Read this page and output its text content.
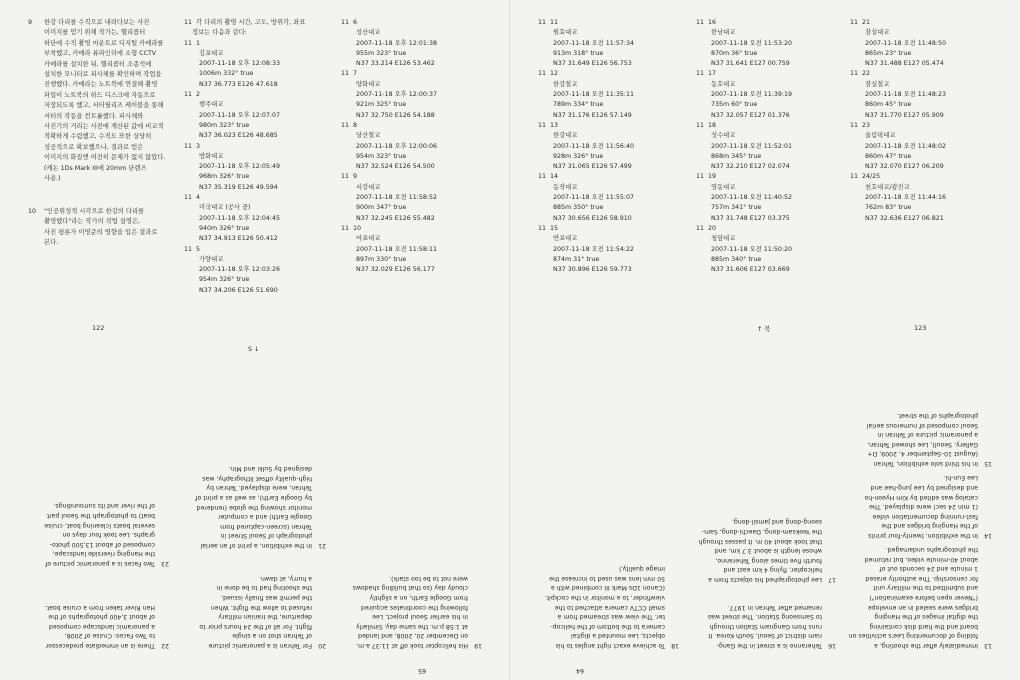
9 한강 다리를 수직으로 내려다보는 사진
이미지를 얻기 위해 작가는, 헬리콥터
하단에 수직 촬영 마운트로 디지털 카메라를
부착했고, 카메라 뷰파인더에 소형 CCTV
카메라를 설치한 뒤, 헬리콥터 조종석에
설치한 모니터로 피사체를 확인하며 작업을
진행했다. 카메라는 노트북에 연결해 촬영
파일이 노트북의 하드 디스크에 자동으로
저장되도록 했고, 서터릴리즈 케이블을 통해
셔터의 작동을 컨트롤했다. 피사체와
사진기의 거리는 사전에 계산된 값에 비교적
적확하게 수렴했고, 수직도 또한 상당히
성공적으로 확보했으나, 결과로 얻은
이미지의 화질엔 여전히 문제가 없지 않았다.
(캐논 1Ds Mark III에 20mm 단렌즈
사용.)
10 "인공위성적 시각으로 한강의 다리를
촬영했다"라는 작가의 작업 설명은,
사진 평론가 이영준의 영향을 입은 결과로
본다.
11  각 다리의 촬영 시간, 고도, 방위각, 좌표
정보는 다음과 같다:
11  1
김포대교
2007-11-18 오후 12:08:33
1006m 332° true
N37 36.773 E126 47.618
11  2
행주대교
2007-11-18 오후 12:07:07
980m 323° true
N37 36.023 E126 48.685
11  3
방화대교
2007-11-18 오후 12:05:49
968m 326° true
N37 35.319 E126 49.594
11  4
미국대교 (공사 중)
2007-11-18 오후 12:04:45
940m 326° true
N37 34.913 E126 50.412
11  5
가양대교
2007-11-18 오후 12:03:26
954m 326° true
N37 34.206 E126 51.690
11  6
성산대교
2007-11-18 오후 12:01:38
955m 323° true
N37 33.214 E126 53.462
11  7
양화대교
2007-11-18 오후 12:00:37
921m 325° true
N37 32.750 E126 54.188
11  8
당산철교
2007-11-18 오후 12:00:06
954m 323° true
N37 32.524 E126 54.500
11  9
서강대교
2007-11-18 오전 11:58:52
900m 347° true
N37 32.245 E126 55.482
11  10
마포대교
2007-11-18 오전 11:58:11
897m 330° true
N37 32.029 E126 56.177
122
S ↓
65
19
His helicopter took off at 11:37 a.m.
on December 20, 2008, and landed
at 1:58 p.m. the same day. Similarly
in his earlier Seoul project, Lee
following the coordinates acquired
from Google Earth, on a slightly
cloudy day (so that building shadows
were not to be too stark).
20
For Tehran is a panoramic picture
of Tehran shot on a single
flight. For all of the 24 hours prior to
departure, the Iranian military
refused to allow the flight. When
the permit was finally issued,
the shooting had to be done in
a hurry, at dawn.
21
In the exhibition, a print of an aerial
photograph of Seoul Street in
Tehran (screen-captured from
Google Earth) and a computer
monitor showing the globe (rendered
by Google Earth), as well as a print of
Tehran, were displayed. Tehran by
high-quality offset lithography, was
designed by Sulki and Min.
22
There is an immediate predecessor
to Two Faces: Cruise of 2008,
a panoramic landscape composed
of about 3,400 photographs of the
Han River taken from a cruise boat.
23
Two Faces is a panoramic picture of
the Hanging riverside landscape,
composed of about 13,500 photo-
graphs. Lee took four days on
several boats (cleaning boat, cruise
boat) to photograph the Seoul part
of the river and its surroundings.
11  11
원효대교
2007-11-18 오전 11:57:34
913m 318° true
N37 31.649 E126 56.753
11  12
한강철교
2007-11-18 오전 11:35:11
789m 334° true
N37 31.176 E126 57.149
11  13
한강대교
2007-11-18 오전 11:56:40
928m 326° true
N37 31.065 E126 57.499
11  14
동작대교
2007-11-18 오전 11:55:07
885m 350° true
N37 30.656 E126 58.910
11  15
반포대교
2007-11-18 오전 11:54:22
874m 31° true
N37 30.896 E126 59.773
11  16
한남대교
2007-11-18 오전 11:53:20
870m 36° true
N37 31.641 E127 00.759
11  17
동호대교
2007-11-18 오전 11:39:19
735m 60° true
N37 32.057 E127 01.376
11  18
성수대교
2007-11-18 오전 11:52:01
868m 345° true
N37 32.210 E127 02.074
11  19
영동대교
2007-11-18 오전 11:40:52
757m 341° true
N37 31.748 E127 03.375
11  20
청담대교
2007-11-18 오전 11:50:20
885m 340° true
N37 31.606 E127 03.669
11  21
잠실대교
2007-11-18 오전 11:48:50
865m 23° true
N37 31.488 E127 05.474
11  22
잠실철교
2007-11-18 오전 11:48:23
860m 45° true
N37 31.770 E127 05.909
11  23
올림픽대교
2007-11-18 오전 11:48:02
860m 47° true
N37 32.070 E127 06.209
11  24/25
천호대교/광진교
2007-11-18 오전 11:44:16
762m 83° true
N37 32.636 E127 06.821
↑ 북	123
64
13
Immediately after the shooting, a
folding of documenting Lee's activities on
board and the hard disk containing
the digital images of the Hanging
bridges were sealed in an envelope
("Never open before examination")
and submitted to the military unit
for censorship. The authority erased
1 minute and 24 seconds out of
about 40-minute video, but returned
the photographs undamaged.
14
In the exhibition, twenty-four prints
of the Hanging bridges and the
fast-running documentation video
(1 min 24 sec) were displayed. The
catalog was edited by Kim Hyeon-ho
and designed by Lee Jung-hae and
Lee Eun-hi.
15
In his third solo exhibition, Tehran
(August 10–September 4, 2009, D+
Gallery, Seoul), Lee showed Tehran,
a panoramic picture of Tehran in
Seoul composed of numerous aerial
photographs of the street.
16
Teheranno is a street in the Gang-
nam district of Seoul, South Korea. It
runs from Gangnam Station through
to Samseong Station. The street was
renamed after Tehran in 1977.
17
Lee photographed his objects from a
helicopter, flying 4 km east and
fourth five times along Teheranno,
whose length is about 3.7 km, and
that took about 40 m. It passes through
the Yeoksam-dong, Daechi-dong, Sam-
seong-dong and Jamsil-dong.
18
To achieve exact right angles to his
objects, Lee mounted a digital
camera to the bottom of the helicop-
ter. The view was streamed from a
small CCTV camera attached to the
viewfinder, to a monitor in the cockpit.
(Canon 1Ds Mark III combined with a
50 mm lens was used to increase the
image quality.)
